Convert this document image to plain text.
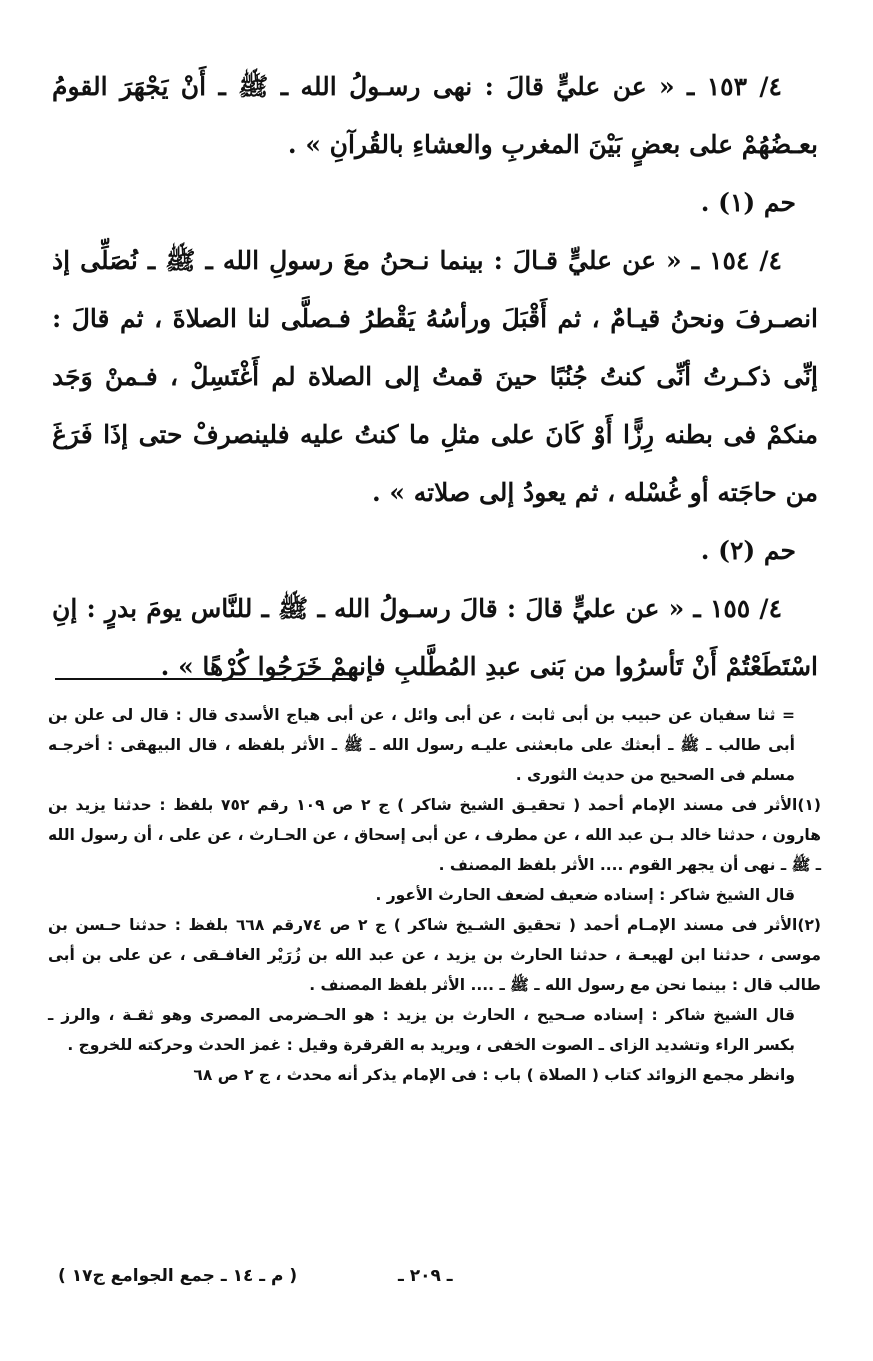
٤/ ١٥٣ ـ « عن عليٍّ قالَ : نهى رسـولُ الله ـ ﷺ ـ أَنْ يَجْهَرَ القومُ بعـضُهُمْ على بعضٍ بَيْنَ المغربِ والعشاءِ بالقُرآنِ » .

حم (١) .

٤/ ١٥٤ ـ « عن عليٍّ قـالَ : بينما نـحنُ معَ رسولِ الله ـ ﷺ ـ نُصَلِّى إذ انصـرفَ ونحنُ قيـامٌ ، ثم أَقْبَلَ ورأسُهُ يَقْطرُ فـصلَّى لنا الصلاةَ ، ثم قالَ : إنِّى ذكـرتُ أنِّى كنتُ جُنُبًا حينَ قمتُ إلى الصلاة لم أَغْتَسِلْ ، فـمنْ وَجَد منكمْ فى بطنه رِزًّا أَوْ كَانَ على مثلِ ما كنتُ عليه فلينصرفْ حتى إذَا فَرَغَ من حاجَته أو غُسْله ، ثم يعودُ إلى صلاته » .

حم (٢) .

٤/ ١٥٥ ـ « عن عليٍّ قالَ : قالَ رسـولُ الله ـ ﷺ ـ للنَّاس يومَ بدرٍ : إنِ اسْتَطَعْتُمْ أَنْ تَأسرُوا من بَنى عبدِ المُطَّلبِ فإنهمْ خَرَجُوا كُرْهًا » .

= ثنا سفيان عن حبيب بن أبى ثابت ، عن أبى وائل ، عن أبى هياج الأسدى قال : قال لى علن بن أبى طالب ـ ﷺ ـ أبعثك على مابعثنى عليـه رسول الله ـ ﷺ ـ الأثر بلفظه ، قال البيهقى : أخرجـه مسلم فى الصحيح من حديث الثورى .

(١)الأثر فى مسند الإمام أحمد ( تحقيـق الشيخ شاكر ) ج ٢ ص ١٠٩ رقم ٧٥٢ بلفظ : حدثنا يزيد بن هارون ، حدثنا خالد بـن عبد الله ، عن مطرف ، عن أبى إسحاق ، عن الحـارث ، عن على ، أن رسول الله ـ ﷺ ـ نهى أن يجهر القوم .... الأثر بلفظ المصنف .

قال الشيخ شاكر : إسناده ضعيف لضعف الحارث الأعور .

(٢)الأثر فى مسند الإمـام أحمد ( تحقيق الشـيخ شاكر ) ج ٢ ص ٧٤رقم ٦٦٨ بلفظ : حدثنا حـسن بن موسى ، حدثنا ابن لهيعـة ، حدثنا الحارث بن يزيد ، عن عبد الله بن زُرَيْر الغافـقى ، عن على بن أبى طالب قال : بينما نحن مع رسول الله ـ ﷺ ـ .... الأثر بلفظ المصنف .

قال الشيخ شاكر : إسناده صـحيح ، الحارث بن يزيد : هو الحـضرمى المصرى وهو ثقـة ، والرز ـ بكسر الراء وتشديد الزاى ـ الصوت الخفى ، ويريد به القرقرة وقيل : غمز الحدث وحركته للخروج .

وانظر مجمع الزوائد كتاب ( الصلاة ) باب : فى الإمام يذكر أنه محدث ، ج ٢ ص ٦٨

ـ ٢٠٩ ـ
( م ـ ١٤ ـ جمع الجوامع ج١٧ )
